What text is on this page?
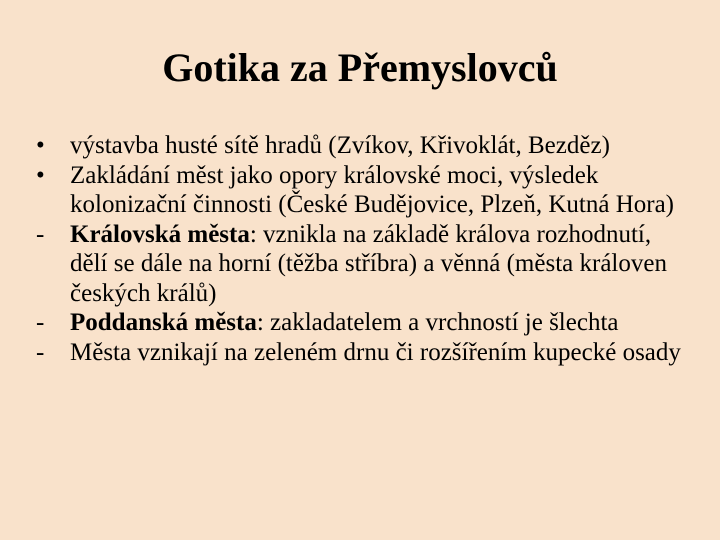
Gotika za Přemyslovců
•	výstavba husté sítě hradů (Zvíkov, Křivoklát, Bezděz)
•	Zakládání měst jako opory královské moci, výsledek kolonizační činnosti (České Budějovice, Plzeň, Kutná Hora)
-	Královská města: vznikla na základě králova rozhodnutí, dělí se dále na horní (těžba stříbra) a věnná (města královen českých králů)
-	Poddanská města: zakladatelem a vrchností je šlechta
-	Města vznikají na zeleném drnu či rozšířením kupecké osady
